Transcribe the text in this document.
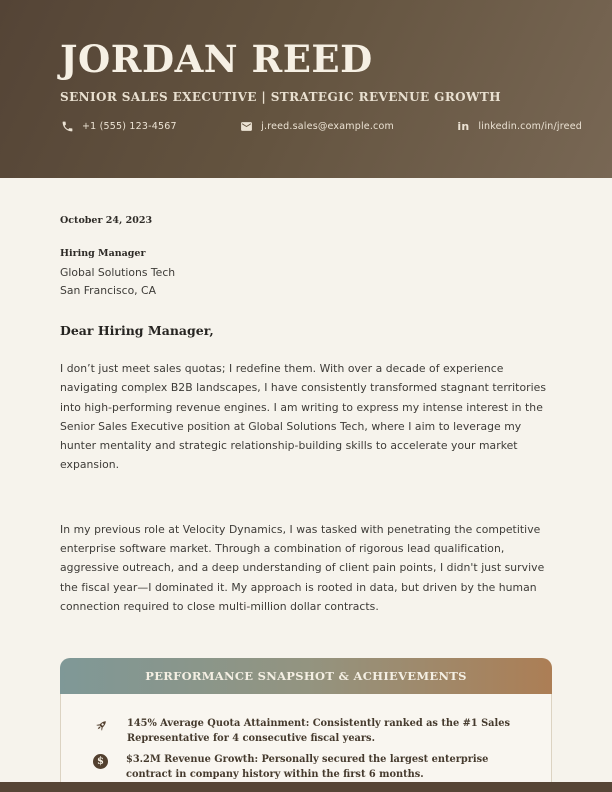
JORDAN REED
SENIOR SALES EXECUTIVE | STRATEGIC REVENUE GROWTH
+1 (555) 123-4567	j.reed.sales@example.com	in linkedin.com/in/jreed
October 24, 2023
Hiring Manager
Global Solutions Tech
San Francisco, CA
Dear Hiring Manager,

I don’t just meet sales quotas; I redefine them. With over a decade of experience navigating complex B2B landscapes, I have consistently transformed stagnant territories into high-performing revenue engines. I am writing to express my intense interest in the Senior Sales Executive position at Global Solutions Tech, where I aim to leverage my hunter mentality and strategic relationship-building skills to accelerate your market expansion.

In my previous role at Velocity Dynamics, I was tasked with penetrating the competitive enterprise software market. Through a combination of rigorous lead qualification, aggressive outreach, and a deep understanding of client pain points, I didn't just survive the fiscal year—I dominated it. My approach is rooted in data, but driven by the human connection required to close multi-million dollar contracts.

PERFORMANCE SNAPSHOT & ACHIEVEMENTS

145% Average Quota Attainment: Consistently ranked as the #1 Sales Representative for 4 consecutive fiscal years.

$	$3.2M Revenue Growth: Personally secured the largest enterprise contract in company history within the first 6 months.
